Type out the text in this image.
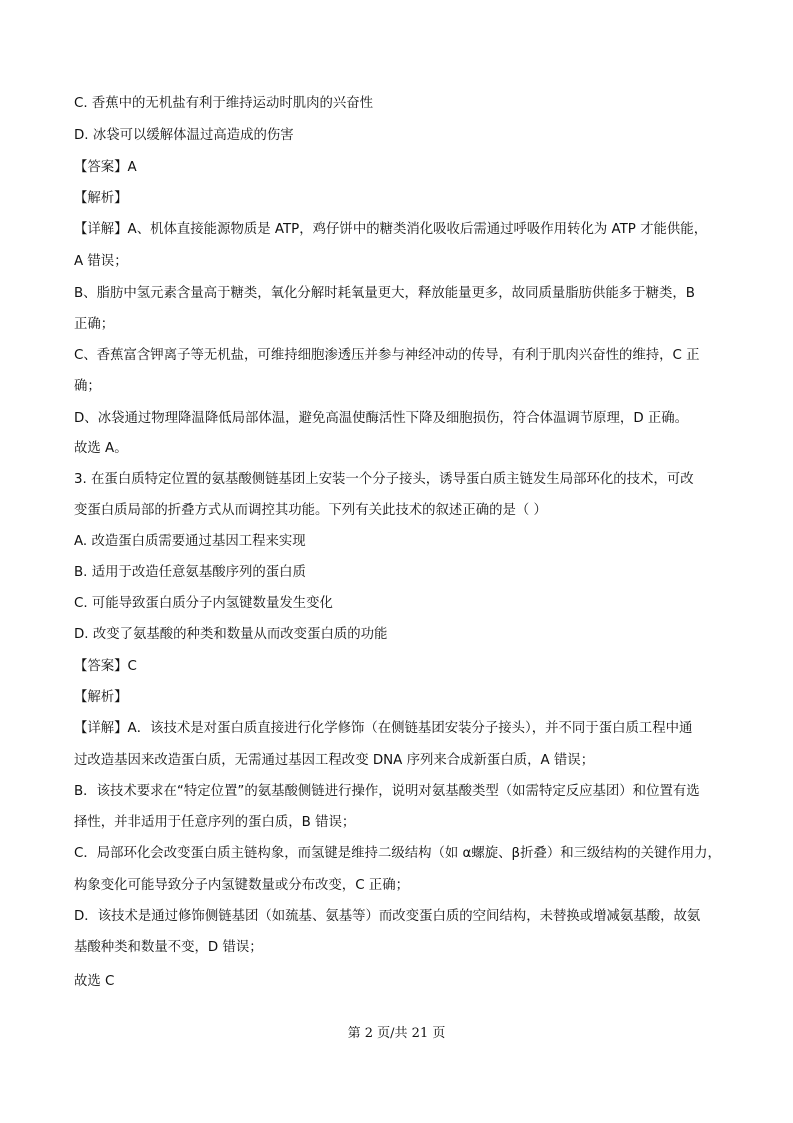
C. 香蕉中的无机盐有利于维持运动时肌肉的兴奋性
D. 冰袋可以缓解体温过高造成的伤害
【答案】A
【解析】
【详解】A、机体直接能源物质是 ATP，鸡仔饼中的糖类消化吸收后需通过呼吸作用转化为 ATP 才能供能，
A 错误；
B、脂肪中氢元素含量高于糖类，氧化分解时耗氧量更大，释放能量更多，故同质量脂肪供能多于糖类，B
正确；
C、香蕉富含钾离子等无机盐，可维持细胞渗透压并参与神经冲动的传导，有利于肌肉兴奋性的维持，C 正
确；
D、冰袋通过物理降温降低局部体温，避免高温使酶活性下降及细胞损伤，符合体温调节原理，D 正确。
故选 A。
3. 在蛋白质特定位置的氨基酸侧链基团上安装一个分子接头，诱导蛋白质主链发生局部环化的技术，可改
变蛋白质局部的折叠方式从而调控其功能。下列有关此技术的叙述正确的是（ ）
A. 改造蛋白质需要通过基因工程来实现
B. 适用于改造任意氨基酸序列的蛋白质
C. 可能导致蛋白质分子内氢键数量发生变化
D. 改变了氨基酸的种类和数量从而改变蛋白质的功能
【答案】C
【解析】
【详解】A．该技术是对蛋白质直接进行化学修饰（在侧链基团安装分子接头），并不同于蛋白质工程中通
过改造基因来改造蛋白质，无需通过基因工程改变 DNA 序列来合成新蛋白质，A 错误；
B．该技术要求在“特定位置”的氨基酸侧链进行操作，说明对氨基酸类型（如需特定反应基团）和位置有选
择性，并非适用于任意序列的蛋白质，B 错误；
C．局部环化会改变蛋白质主链构象，而氢键是维持二级结构（如 α螺旋、β折叠）和三级结构的关键作用力，
构象变化可能导致分子内氢键数量或分布改变，C 正确；
D．该技术是通过修饰侧链基团（如巯基、氨基等）而改变蛋白质的空间结构，未替换或增减氨基酸，故氨
基酸种类和数量不变，D 错误；
故选 C
第 2 页/共 21 页
